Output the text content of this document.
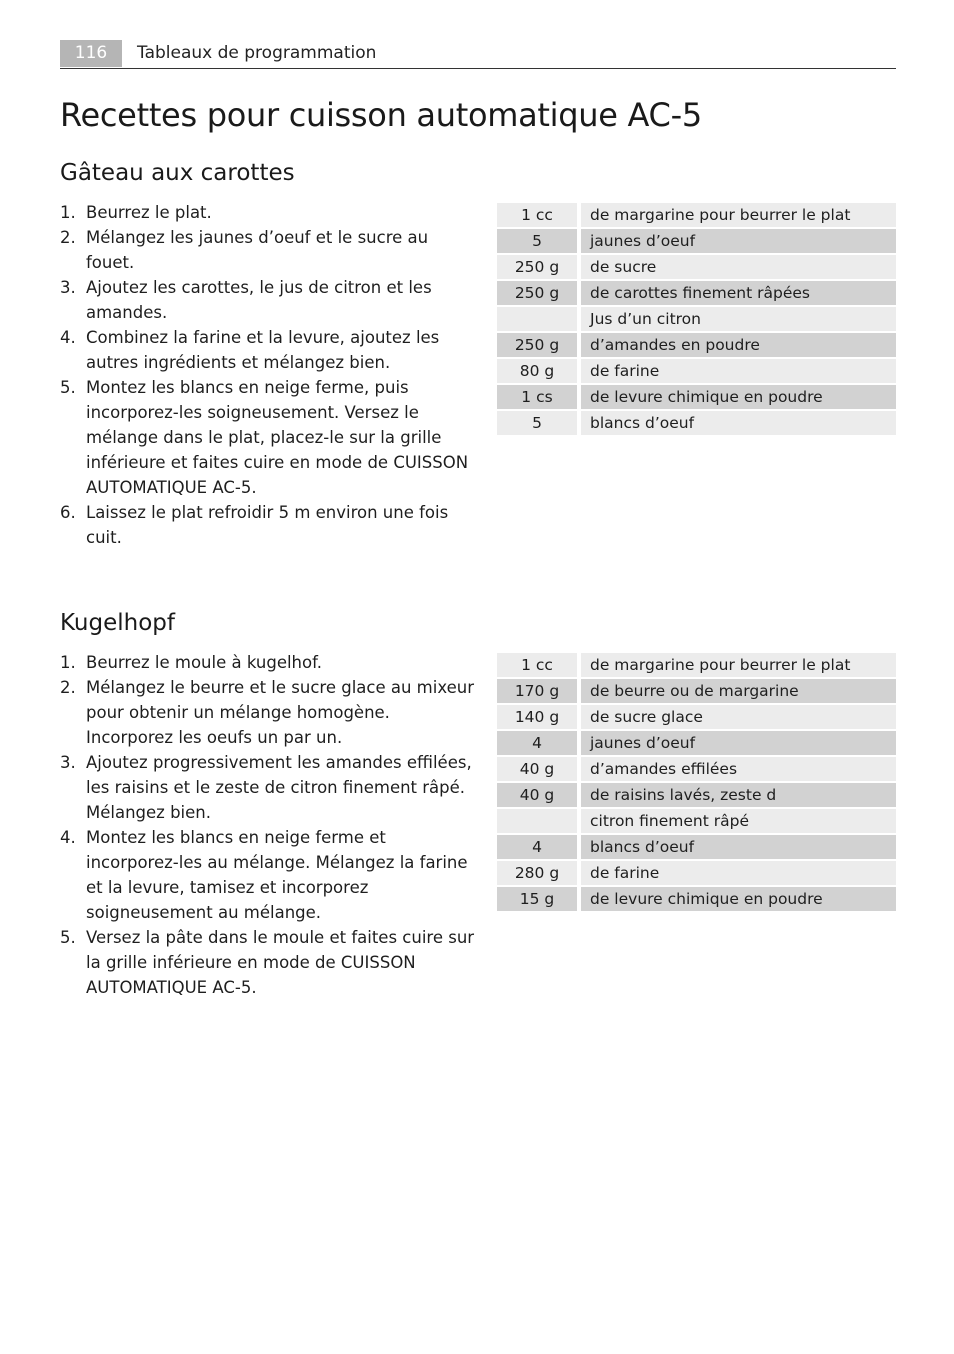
116	Tableaux de programmation
Recettes pour cuisson automatique AC-5
Gâteau aux carottes
1. Beurrez le plat.
2. Mélangez les jaunes d’oeuf et le sucre au fouet.
3. Ajoutez les carottes, le jus de citron et les amandes.
4. Combinez la farine et la levure, ajoutez les autres ingrédients et mélangez bien.
5. Montez les blancs en neige ferme, puis incorporez-les soigneusement. Versez le mélange dans le plat, placez-le sur la grille inférieure et faites cuire en mode de CUISSON AUTOMATIQUE AC-5.
6. Laissez le plat refroidir 5 m environ une fois cuit.
1 cc		de margarine pour beurrer le plat
5		jaunes d’oeuf
250 g		de sucre
250 g		de carottes finement râpées
		Jus d’un citron
250 g		d’amandes en poudre
80 g		de farine
1 cs		de levure chimique en poudre
5		blancs d’oeuf
Kugelhopf
1. Beurrez le moule à kugelhof.
2. Mélangez le beurre et le sucre glace au mixeur pour obtenir un mélange homogène. Incorporez les oeufs un par un.
3. Ajoutez progressivement les amandes effilées, les raisins et le zeste de citron finement râpé. Mélangez bien.
4. Montez les blancs en neige ferme et incorporez-les au mélange. Mélangez la farine et la levure, tamisez et incorporez soigneusement au mélange.
5. Versez la pâte dans le moule et faites cuire sur la grille inférieure en mode de CUISSON AUTOMATIQUE AC-5.
1 cc		de margarine pour beurrer le plat
170 g		de beurre ou de margarine
140 g		de sucre glace
4		jaunes d’oeuf
40 g		d’amandes effilées
40 g		de raisins lavés, zeste d
		citron finement râpé
4		blancs d’oeuf
280 g		de farine
15 g		de levure chimique en poudre
